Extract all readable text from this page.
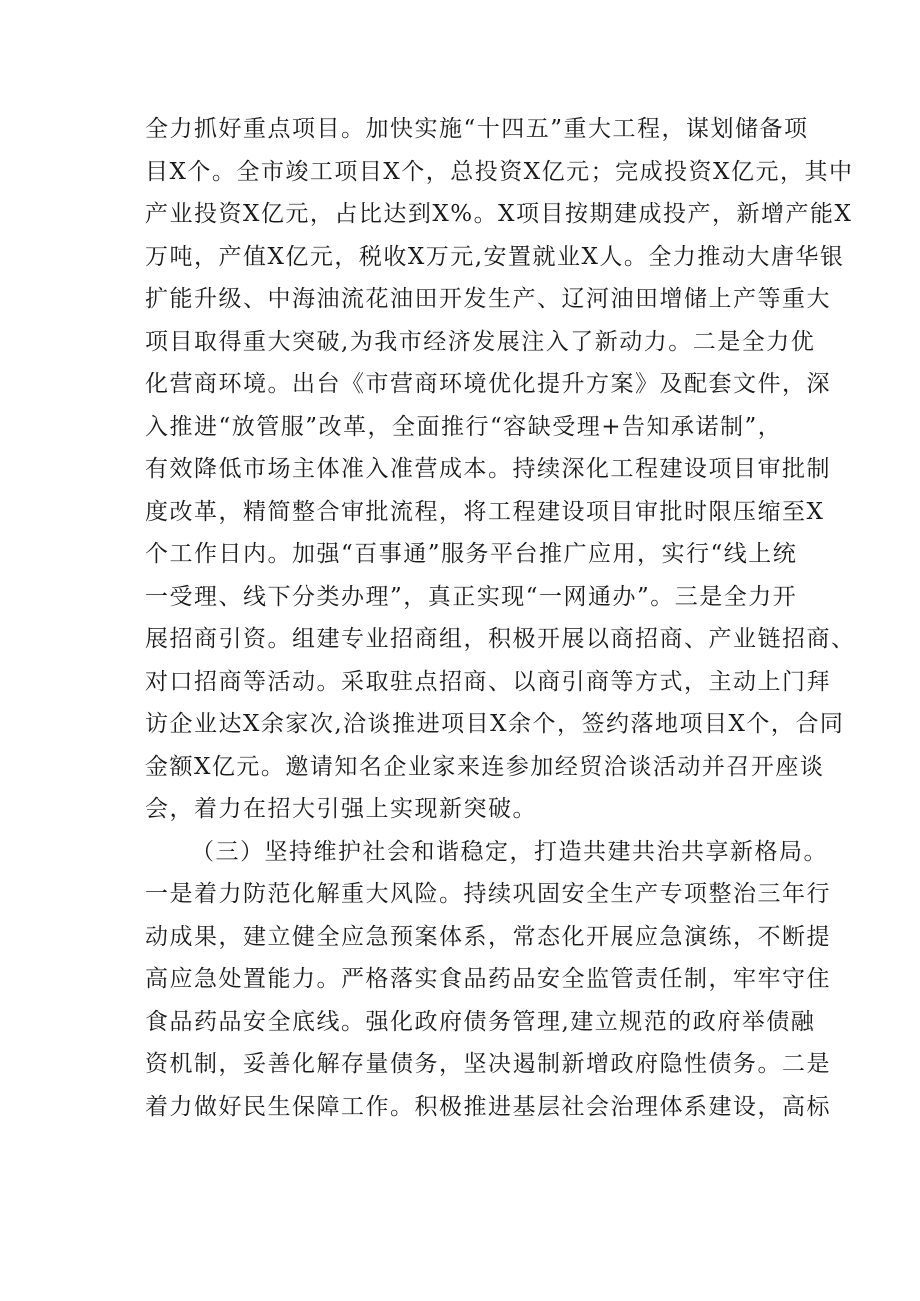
全力抓好重点项目。加快实施“十四五”重大工程，谋划储备项
目X个。全市竣工项目X个，总投资X亿元；完成投资X亿元，其中
产业投资X亿元，占比达到X%。X项目按期建成投产，新增产能X
万吨，产值X亿元，税收X万元,安置就业X人。全力推动大唐华银
扩能升级、中海油流花油田开发生产、辽河油田增储上产等重大
项目取得重大突破,为我市经济发展注入了新动力。二是全力优
化营商环境。出台《市营商环境优化提升方案》及配套文件，深
入推进“放管服”改革，全面推行“容缺受理+告知承诺制”，
有效降低市场主体准入准营成本。持续深化工程建设项目审批制
度改革，精简整合审批流程，将工程建设项目审批时限压缩至X
个工作日内。加强“百事通”服务平台推广应用，实行“线上统
一受理、线下分类办理”，真正实现“一网通办”。三是全力开
展招商引资。组建专业招商组，积极开展以商招商、产业链招商、
对口招商等活动。采取驻点招商、以商引商等方式，主动上门拜
访企业达X余家次,洽谈推进项目X余个，签约落地项目X个，合同
金额X亿元。邀请知名企业家来连参加经贸洽谈活动并召开座谈
会，着力在招大引强上实现新突破。
（三）坚持维护社会和谐稳定，打造共建共治共享新格局。
一是着力防范化解重大风险。持续巩固安全生产专项整治三年行
动成果，建立健全应急预案体系，常态化开展应急演练，不断提
高应急处置能力。严格落实食品药品安全监管责任制，牢牢守住
食品药品安全底线。强化政府债务管理,建立规范的政府举债融
资机制，妥善化解存量债务，坚决遏制新增政府隐性债务。二是
着力做好民生保障工作。积极推进基层社会治理体系建设，高标
